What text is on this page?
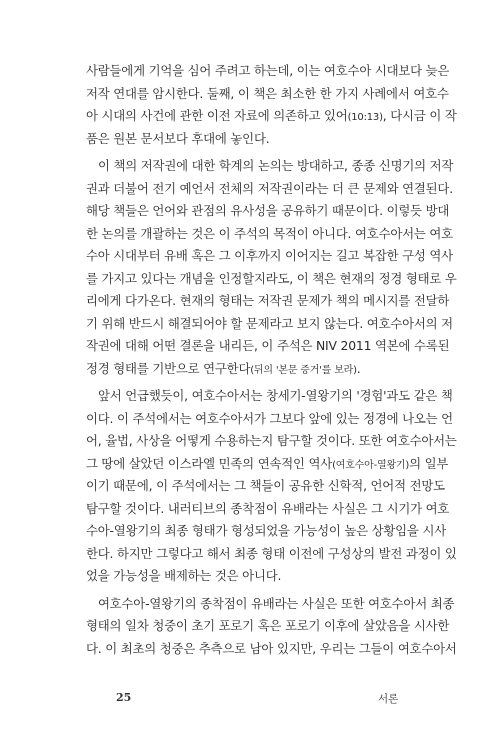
사람들에게 기억을 심어 주려고 하는데, 이는 여호수아 시대보다 늦은
저작 연대를 암시한다. 둘째, 이 책은 최소한 한 가지 사례에서 여호수
아 시대의 사건에 관한 이전 자료에 의존하고 있어(10:13), 다시금 이 작
품은 원본 문서보다 후대에 놓인다.
이 책의 저작권에 대한 학계의 논의는 방대하고, 종종 신명기의 저작
권과 더불어 전기 예언서 전체의 저작권이라는 더 큰 문제와 연결된다.
해당 책들은 언어와 관점의 유사성을 공유하기 때문이다. 이렇듯 방대
한 논의를 개괄하는 것은 이 주석의 목적이 아니다. 여호수아서는 여호
수아 시대부터 유배 혹은 그 이후까지 이어지는 길고 복잡한 구성 역사
를 가지고 있다는 개념을 인정할지라도, 이 책은 현재의 정경 형태로 우
리에게 다가온다. 현재의 형태는 저작권 문제가 책의 메시지를 전달하
기 위해 반드시 해결되어야 할 문제라고 보지 않는다. 여호수아서의 저
작권에 대해 어떤 결론을 내리든, 이 주석은 NIV 2011 역본에 수록된
정경 형태를 기반으로 연구한다(뒤의 '본문 증거'를 보라).
앞서 언급했듯이, 여호수아서는 창세기-열왕기의 '경험'과도 같은 책
이다. 이 주석에서는 여호수아서가 그보다 앞에 있는 정경에 나오는 언
어, 율법, 사상을 어떻게 수용하는지 탐구할 것이다. 또한 여호수아서는
그 땅에 살았던 이스라엘 민족의 연속적인 역사(여호수아-열왕기)의 일부
이기 때문에, 이 주석에서는 그 책들이 공유한 신학적, 언어적 전망도
탐구할 것이다. 내러티브의 종착점이 유배라는 사실은 그 시기가 여호
수아-열왕기의 최종 형태가 형성되었을 가능성이 높은 상황임을 시사
한다. 하지만 그렇다고 해서 최종 형태 이전에 구성상의 발전 과정이 있
었을 가능성을 배제하는 것은 아니다.
여호수아-열왕기의 종착점이 유배라는 사실은 또한 여호수아서 최종
형태의 일차 청중이 초기 포로기 혹은 포로기 이후에 살았음을 시사한
다. 이 최초의 청중은 추측으로 남아 있지만, 우리는 그들이 여호수아서
25	서론
